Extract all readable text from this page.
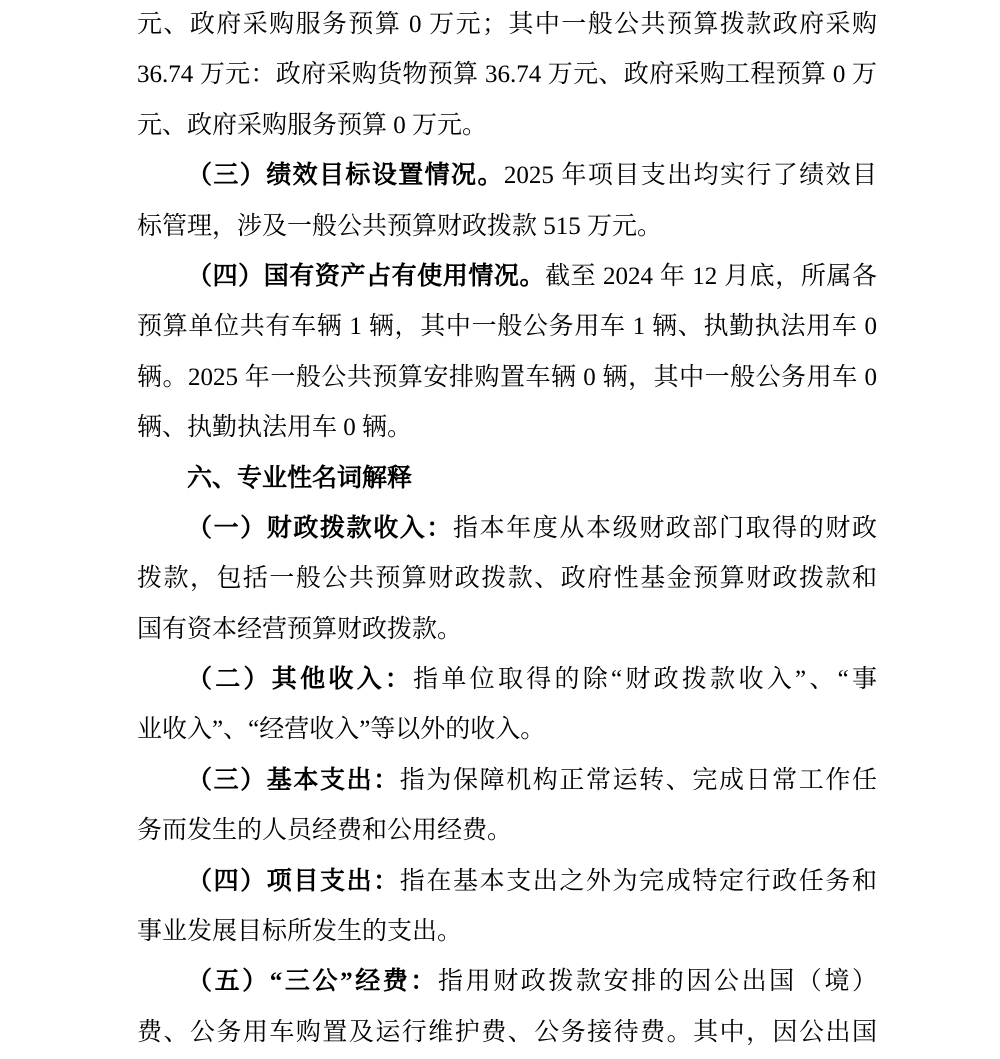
元、政府采购服务预算 0 万元；其中一般公共预算拨款政府采购
36.74 万元：政府采购货物预算 36.74 万元、政府采购工程预算 0 万
元、政府采购服务预算 0 万元。
（三）绩效目标设置情况。2025 年项目支出均实行了绩效目
标管理，涉及一般公共预算财政拨款 515 万元。
（四）国有资产占有使用情况。截至 2024 年 12 月底，所属各
预算单位共有车辆 1 辆，其中一般公务用车 1 辆、执勤执法用车 0
辆。2025 年一般公共预算安排购置车辆 0 辆，其中一般公务用车 0
辆、执勤执法用车 0 辆。
六、专业性名词解释
（一）财政拨款收入：指本年度从本级财政部门取得的财政
拨款，包括一般公共预算财政拨款、政府性基金预算财政拨款和
国有资本经营预算财政拨款。
（二）其他收入：指单位取得的除“财政拨款收入”、“事
业收入”、“经营收入”等以外的收入。
（三）基本支出：指为保障机构正常运转、完成日常工作任
务而发生的人员经费和公用经费。
（四）项目支出：指在基本支出之外为完成特定行政任务和
事业发展目标所发生的支出。
（五）“三公”经费：指用财政拨款安排的因公出国（境）
费、公务用车购置及运行维护费、公务接待费。其中，因公出国
